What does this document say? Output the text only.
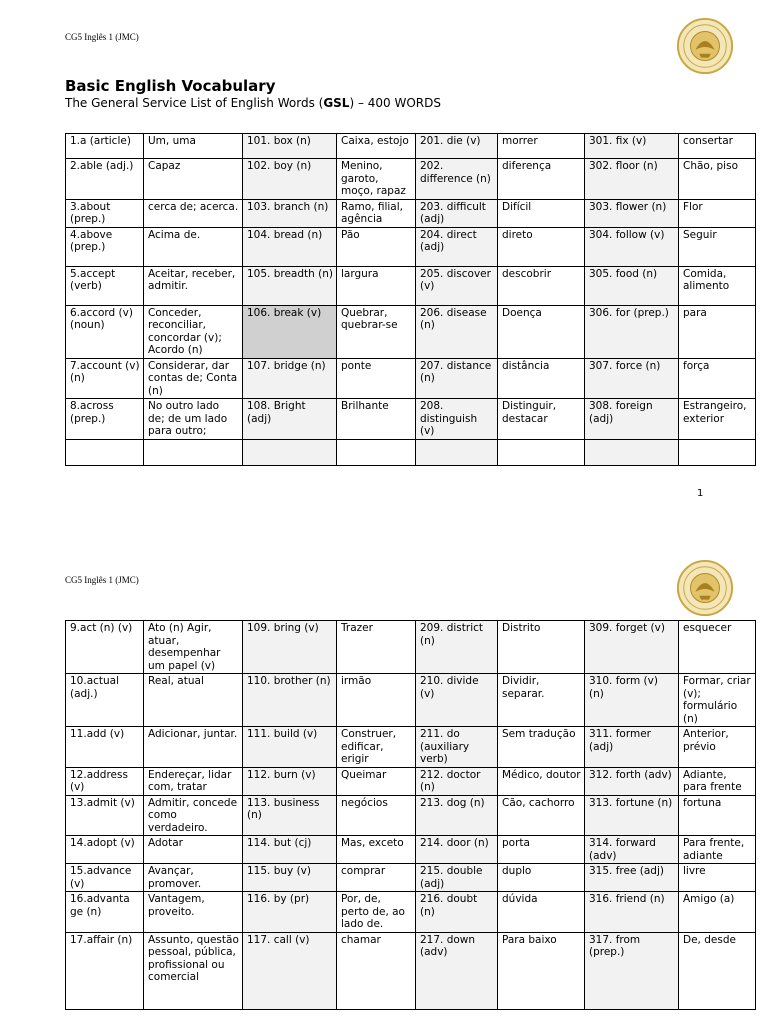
CG5 Inglês 1 (JMC)
Basic English Vocabulary
The General Service List of English Words (GSL) – 400 WORDS
1.a (article)	Um, uma	101. box (n)	Caixa, estojo	201. die (v)	morrer	301. fix (v)	consertar
2.able (adj.)	Capaz	102. boy (n)	Menino, garoto, moço, rapaz	202. difference (n)	diferença	302. floor (n)	Chão, piso
3.about (prep.)	cerca de; acerca.	103. branch (n)	Ramo, filial, agência	203. difficult (adj)	Difícil	303. flower (n)	Flor
4.above (prep.)	Acima de.	104. bread (n)	Pão	204. direct (adj)	direto	304. follow (v)	Seguir
5.accept (verb)	Aceitar, receber, admitir.	105. breadth (n)	largura	205. discover (v)	descobrir	305. food (n)	Comida, alimento
6.accord (v) (noun)	Conceder, reconciliar, concordar (v); Acordo (n)	106. break (v)	Quebrar, quebrar-se	206. disease (n)	Doença	306. for (prep.)	para
7.account (v) (n)	Considerar, dar contas de; Conta (n)	107. bridge (n)	ponte	207. distance (n)	distância	307. force (n)	força
8.across (prep.)	No outro lado de; de um lado para outro;	108. Bright (adj)	Brilhante	208. distinguish (v)	Distinguir, destacar	308. foreign (adj)	Estrangeiro, exterior

1
CG5 Inglês 1 (JMC)
9.act (n) (v)	Ato (n) Agir, atuar, desempenhar um papel (v)	109. bring (v)	Trazer	209. district (n)	Distrito	309. forget (v)	esquecer
10.actual (adj.)	Real, atual	110. brother (n)	irmão	210. divide (v)	Dividir, separar.	310. form (v) (n)	Formar, criar (v); formulário (n)
11.add (v)	Adicionar, juntar.	111. build (v)	Construer, edificar, erigir	211. do (auxiliary verb)	Sem tradução	311. former (adj)	Anterior, prévio
12.address (v)	Endereçar, lidar com, tratar	112. burn (v)	Queimar	212. doctor (n)	Médico, doutor	312. forth (adv)	Adiante, para frente
13.admit (v)	Admitir, concede como verdadeiro.	113. business (n)	negócios	213. dog (n)	Cão, cachorro	313. fortune (n)	fortuna
14.adopt (v)	Adotar	114. but (cj)	Mas, exceto	214. door (n)	porta	314. forward (adv)	Para frente, adiante
15.advance (v)	Avançar, promover.	115. buy (v)	comprar	215. double (adj)	duplo	315. free (adj)	livre
16.advanta ge (n)	Vantagem, proveito.	116. by (pr)	Por, de, perto de, ao lado de.	216. doubt (n)	dúvida	316. friend (n)	Amigo (a)
17.affair (n)	Assunto, questão pessoal, pública, profissional ou comercial	117. call (v)	chamar	217. down (adv)	Para baixo	317. from (prep.)	De, desde
